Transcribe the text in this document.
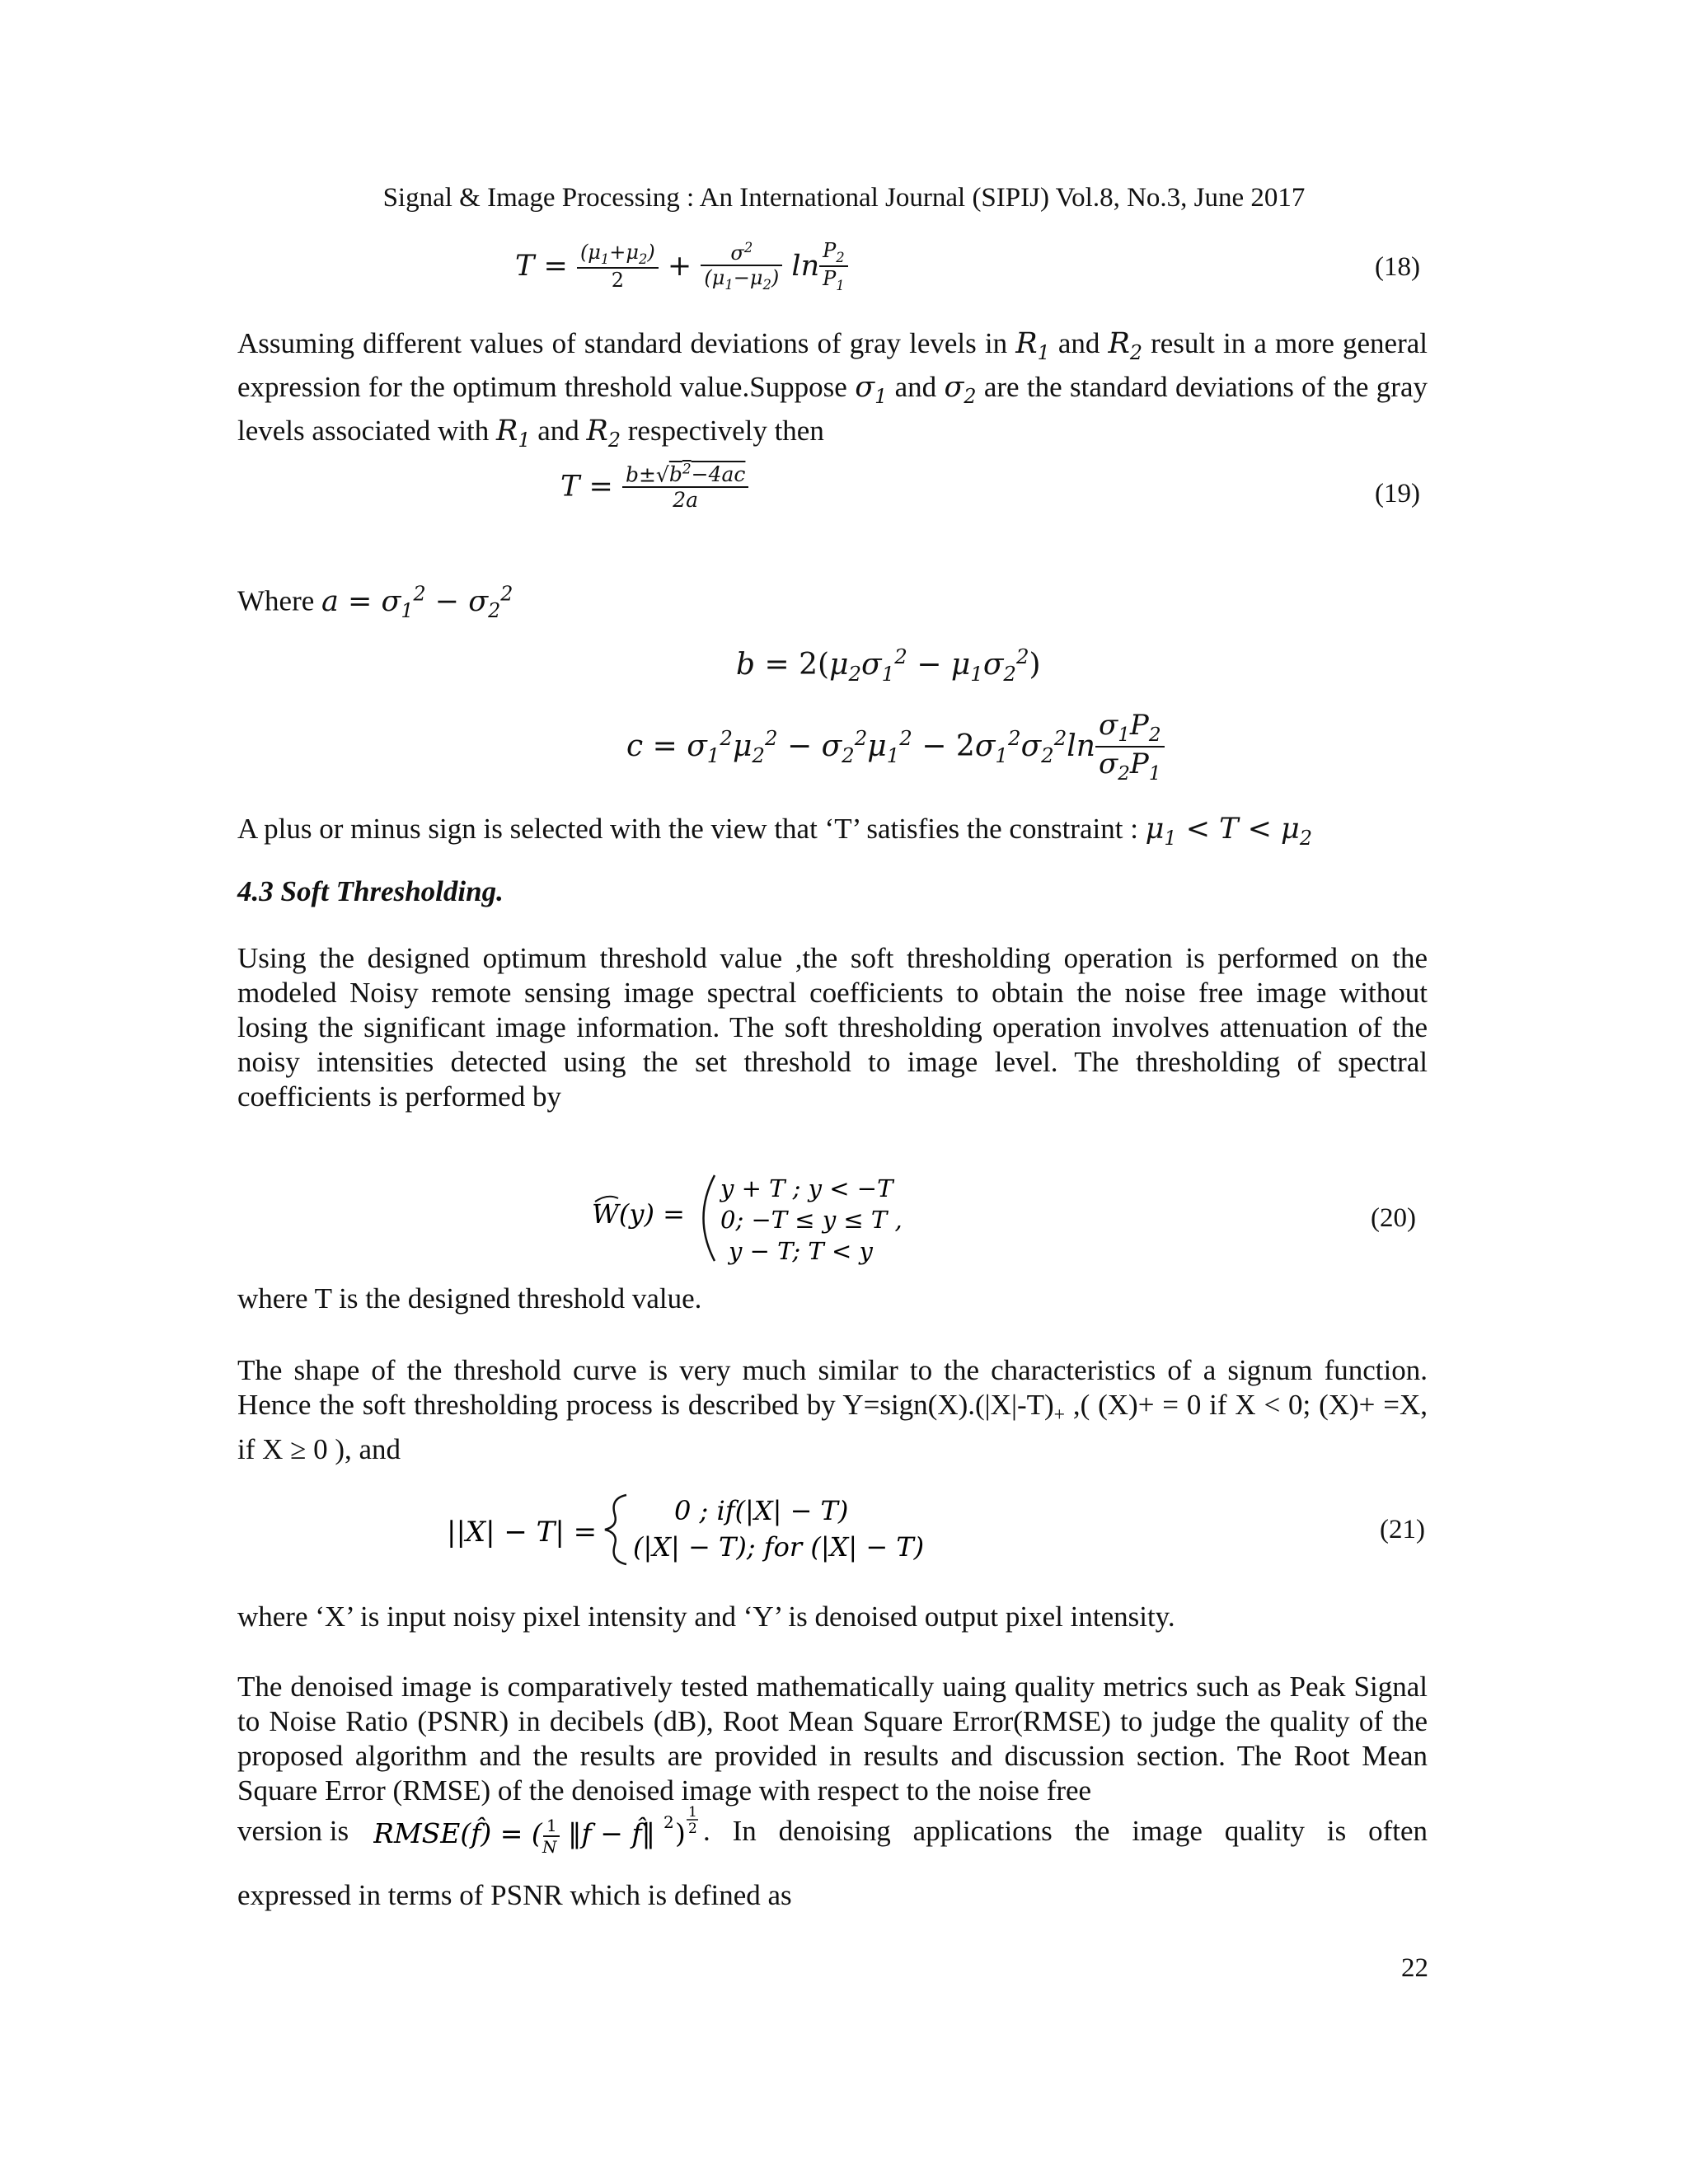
Signal & Image Processing : An International Journal (SIPIJ) Vol.8, No.3, June 2017
$T = \frac{(\mu_1+\mu_2)}{2} + \frac{\sigma^2}{(\mu_1-\mu_2)}$ $\ln \frac{P_2}{P_1}$	(18)
Assuming different values of standard deviations of gray levels in $R_1$ and $R_2$ result in a more general expression for the optimum threshold value.Suppose $\sigma_1$ and $\sigma_2$ are the standard deviations of the gray levels associated with $R_1$ and $R_2$ respectively then
$T = \frac{b\pm√b^2-4ac}{2a}$	(19)
Where $a = \sigma_1^2 - \sigma_2^2$
$b = 2(\mu_2\sigma_1^2 - \mu_1\sigma_2^2)$
$c = \sigma_1^2\mu_2^2 - \sigma_2^2\mu_1^2 - 2\sigma_1^2\sigma_2^2\ln \frac{\sigma_1P_2}{\sigma_2P_1}$
A plus or minus sign is selected with the view that ‘T’ satisfies the constraint : $\mu_1 < T < \mu_2$
4.3 Soft Thresholding.
Using the designed optimum threshold value ,the soft thresholding operation is performed on the modeled Noisy remote sensing image spectral coefficients to obtain the noise free image without losing the significant image information. The soft thresholding operation involves attenuation of the noisy intensities detected using the set threshold to image level. The thresholding of spectral coefficients is performed by
W(y) =
y + T ; y < −T
0; −T ≤ y ≤ T ,
y − T; T < y
(20)
where T is the designed threshold value.
The shape of the threshold curve is very much similar to the characteristics of a signum function. Hence the soft thresholding process is described by $Y=sign(X).(|X|-T)_+$ ,( (X)+ = 0 if X < 0; (X)+ =X, if X ≥ 0 ), and
||X| − T| =
0 ; if(|X| − T)
(|X| − T); for (|X| − T)
(21)
where ‘X’ is input noisy pixel intensity and ‘Y’ is denoised output pixel intensity.
The denoised image is comparatively tested mathematically uaing quality metrics such as Peak Signal to Noise Ratio (PSNR) in decibels (dB), Root Mean Square Error(RMSE) to judge the quality of the proposed algorithm and the results are provided in results and discussion section. The Root Mean Square Error (RMSE) of the denoised image with respect to the noise free
version is RMSE(f̂) = ( 1
N ‖f − f̂‖ 2 )
1
2 . In denoising applications the image quality is often
expressed in terms of PSNR which is defined as
22
